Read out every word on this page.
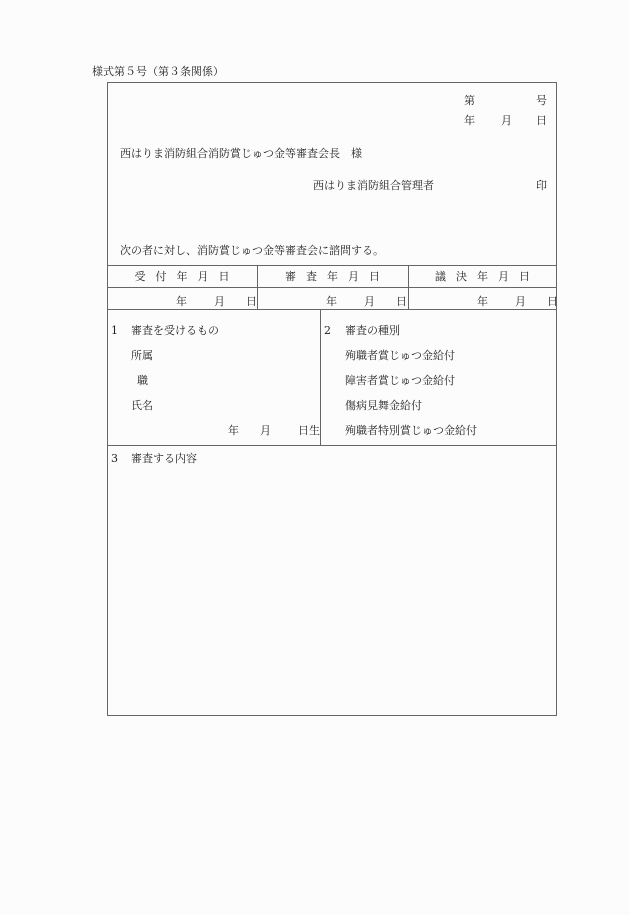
様式第５号（第３条関係）
第	号
年 月 日
西はりま消防組合消防賞じゅつ金等審査会長　様
西はりま消防組合管理者	印
次の者に対し、消防賞じゅつ金等審査会に諮問する。
受 付 年 月 日	審 査 年 月 日	議 決 年 月 日
年 月 日	年 月 日	年 月 日
1 審査を受けるもの
所属
職
氏名
年 月 日生
2 審査の種別
殉職者賞じゅつ金給付
障害者賞じゅつ金給付
傷病見舞金給付
殉職者特別賞じゅつ金給付
3 審査する内容
